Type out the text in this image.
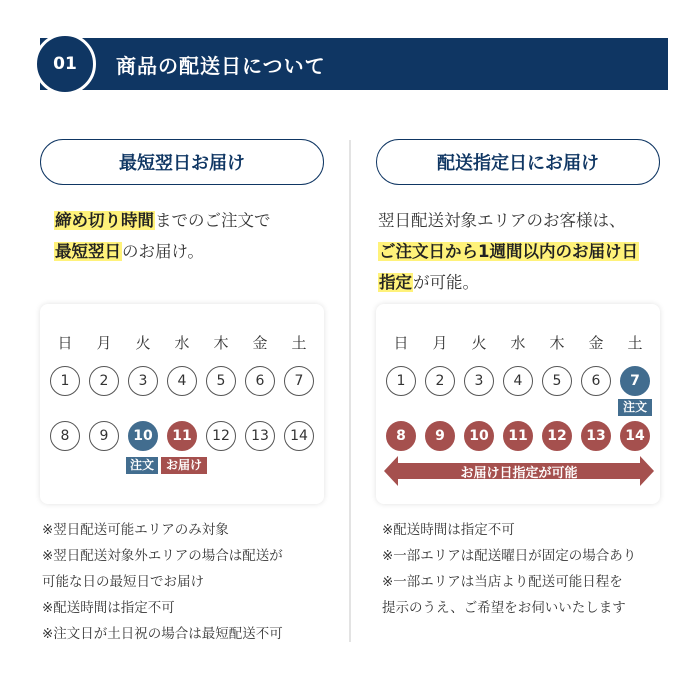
01	商品の配送日について
最短翌日お届け
締め切り時間までのご注文で
最短翌日のお届け。
日	月	火	水	木	金	土
1	2	3	4	5	6	7
8	9	10	11	12	13	14
注文 お届け
※翌日配送可能エリアのみ対象
※翌日配送対象外エリアの場合は配送が
可能な日の最短日でお届け
※配送時間は指定不可
※注文日が土日祝の場合は最短配送不可
配送指定日にお届け
翌日配送対象エリアのお客様は、
ご注文日から1週間以内のお届け日
指定が可能。
日	月	火	水	木	金	土
1	2	3	4	5	6	7
注文
8	9	10	11	12	13	14
お届け日指定が可能
※配送時間は指定不可
※一部エリアは配送曜日が固定の場合あり
※一部エリアは当店より配送可能日程を
提示のうえ、ご希望をお伺いいたします
